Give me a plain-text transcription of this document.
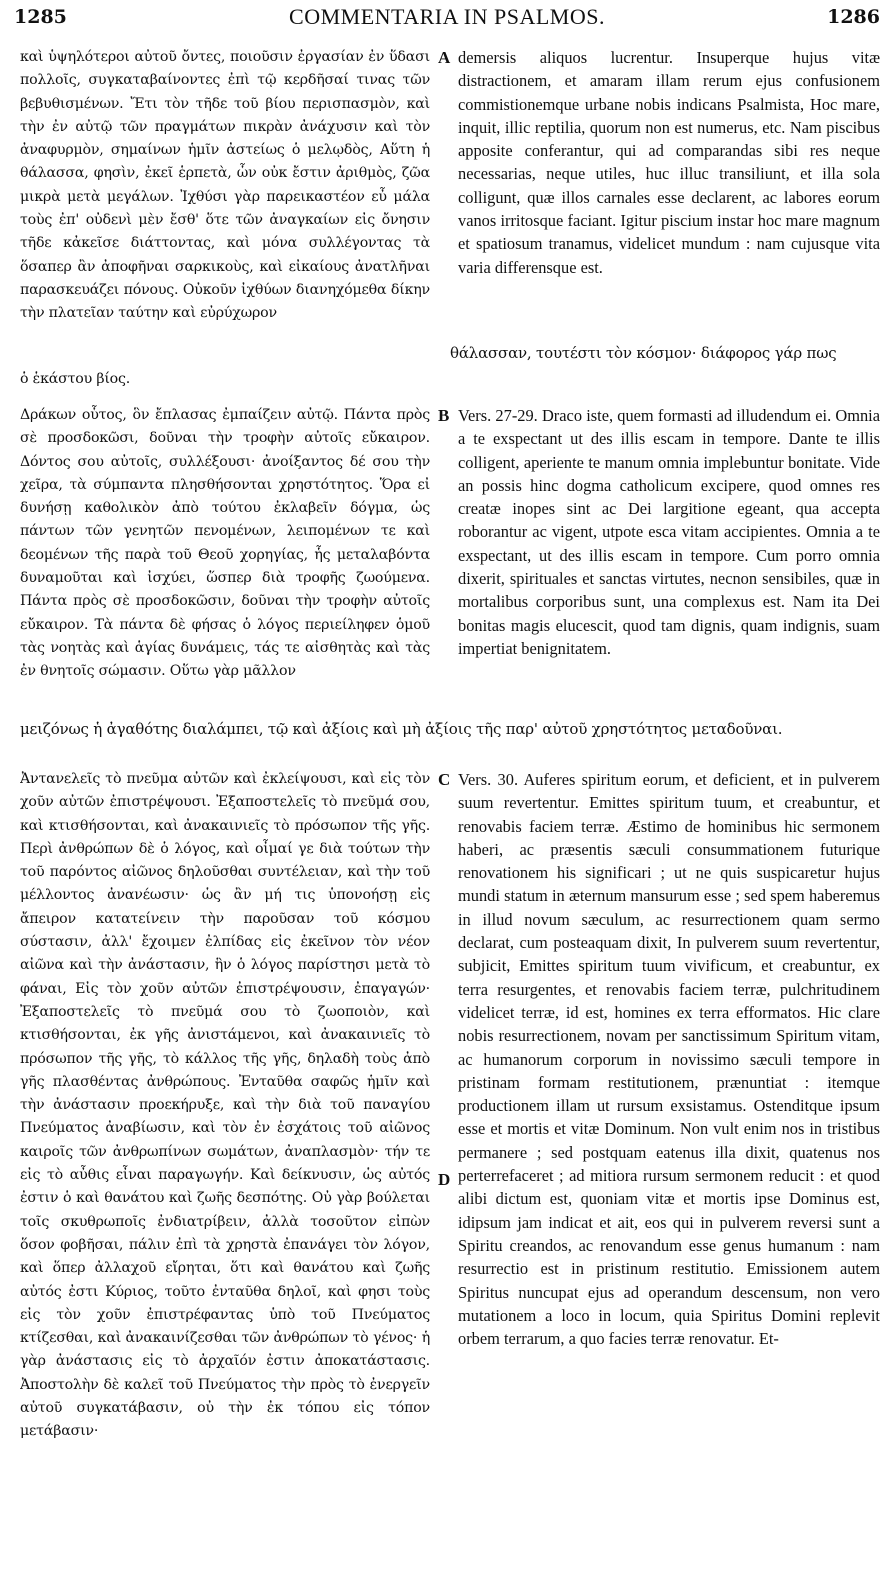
1285	COMMENTARIA IN PSALMOS.	1286

καὶ ὑψηλότεροι αὐτοῦ ὄντες, ποιοῦσιν ἐργασίαν ἐν ὕδασι πολλοῖς, συγκαταβαίνοντες ἐπὶ τῷ κερδῆσαί τινας τῶν βεβυθισμένων. Ἔτι τὸν τῆδε τοῦ βίου περισπασμὸν, καὶ τὴν ἐν αὐτῷ τῶν πραγμάτων πικρὰν ἀνάχυσιν καὶ τὸν ἀναφυρμὸν, σημαίνων ἡμῖν ἀστείως ὁ μελῳδὸς, Αὕτη ἡ θάλασσα, φησὶν, ἐκεῖ ἑρπετὰ, ὧν οὐκ ἔστιν ἀριθμὸς, ζῶα μικρὰ μετὰ μεγάλων. Ἰχθύσι γὰρ παρεικαστέον εὖ μάλα τοὺς ἐπ' οὐδενὶ μὲν ἔσθ' ὅτε τῶν ἀναγκαίων εἰς ὄνησιν τῆδε κἀκεῖσε διάττοντας, καὶ μόνα συλλέγοντας τὰ ὅσαπερ ἂν ἀποφῆναι σαρκικοὺς, καὶ εἰκαίους ἀνατλῆναι παρασκευάζει πόνους. Οὐκοῦν ἰχθύων διανηχόμεθα δίκην τὴν πλατεῖαν ταύτην καὶ εὐρύχωρον

A demersis aliquos lucrentur. Insuperque hujus vitæ distractionem, et amaram illam rerum ejus confusionem commistionemque urbane nobis indicans Psalmista, Hoc mare, inquit, illic reptilia, quorum non est numerus, etc. Nam piscibus apposite conferantur, qui ad comparandas sibi res neque necessarias, neque utiles, huc illuc transiliunt, et illa sola colligunt, quæ illos carnales esse declarent, ac labores eorum vanos irritosque faciant. Igitur piscium instar hoc mare magnum et spatiosum tranamus, videlicet mundum : nam cujusque vita varia differensque est.

θάλασσαν, τουτέστι τὸν κόσμον· διάφορος γάρ πως
ὁ ἑκάστου βίος.

Δράκων οὗτος, ὃν ἔπλασας ἐμπαίζειν αὐτῷ. Πάντα πρὸς σὲ προσδοκῶσι, δοῦναι τὴν τροφὴν αὐτοῖς εὔκαιρον. Δόντος σου αὐτοῖς, συλλέξουσι· ἀνοίξαντος δέ σου τὴν χεῖρα, τὰ σύμπαντα πλησθήσονται χρηστότητος. Ὅρα εἰ δυνήσῃ καθολικὸν ἀπὸ τούτου ἐκλαβεῖν δόγμα, ὡς πάντων τῶν γενητῶν πενομένων, λειπομένων τε καὶ δεομένων τῆς παρὰ τοῦ Θεοῦ χορηγίας, ἧς μεταλαβόντα δυναμοῦται καὶ ἰσχύει, ὥσπερ διὰ τροφῆς ζωούμενα. Πάντα πρὸς σὲ προσδοκῶσιν, δοῦναι τὴν τροφὴν αὐτοῖς εὔκαιρον. Τὰ πάντα δὲ φήσας ὁ λόγος περιείληφεν ὁμοῦ τὰς νοητὰς καὶ ἁγίας δυνάμεις, τάς τε αἰσθητὰς καὶ τὰς ἐν θνητοῖς σώμασιν. Οὕτω γὰρ μᾶλλον

B Vers. 27-29. Draco iste, quem formasti ad illudendum ei. Omnia a te exspectant ut des illis escam in tempore. Dante te illis colligent, aperiente te manum omnia implebuntur bonitate. Vide an possis hinc dogma catholicum excipere, quod omnes res creatæ inopes sint ac Dei largitione egeant, qua accepta roborantur ac vigent, utpote esca vitam accipientes. Omnia a te exspectant, ut des illis escam in tempore. Cum porro omnia dixerit, spirituales et sanctas virtutes, necnon sensibiles, quæ in mortalibus corporibus sunt, una complexus est. Nam ita Dei bonitas magis elucescit, quod tam dignis, quam indignis, suam impertiat benignitatem.

μειζόνως ἡ ἀγαθότης διαλάμπει, τῷ καὶ ἀξίοις καὶ μὴ ἀξίοις τῆς παρ' αὐτοῦ χρηστότητος μεταδοῦναι.

Ἀντανελεῖς τὸ πνεῦμα αὐτῶν καὶ ἐκλείψουσι, καὶ εἰς τὸν χοῦν αὐτῶν ἐπιστρέψουσι. Ἐξαποστελεῖς τὸ πνεῦμά σου, καὶ κτισθήσονται, καὶ ἀνακαινιεῖς τὸ πρόσωπον τῆς γῆς. Περὶ ἀνθρώπων δὲ ὁ λόγος, καὶ οἶμαί γε διὰ τούτων τὴν τοῦ παρόντος αἰῶνος δηλοῦσθαι συντέλειαν, καὶ τὴν τοῦ μέλλοντος ἀνανέωσιν· ὡς ἂν μή τις ὑπονοήσῃ εἰς ἄπειρον κατατείνειν τὴν παροῦσαν τοῦ κόσμου σύστασιν, ἀλλ' ἔχοιμεν ἐλπίδας εἰς ἐκεῖνον τὸν νέον αἰῶνα καὶ τὴν ἀνάστασιν, ἣν ὁ λόγος παρίστησι μετὰ τὸ φάναι, Εἰς τὸν χοῦν αὐτῶν ἐπιστρέψουσιν, ἐπαγαγών· Ἐξαποστελεῖς τὸ πνεῦμά σου τὸ ζωοποιὸν, καὶ κτισθήσονται, ἐκ γῆς ἀνιστάμενοι, καὶ ἀνακαινιεῖς τὸ πρόσωπον τῆς γῆς, τὸ κάλλος τῆς γῆς, δηλαδὴ τοὺς ἀπὸ γῆς πλασθέντας ἀνθρώπους. Ἐνταῦθα σαφῶς ἡμῖν καὶ τὴν ἀνάστασιν προεκήρυξε, καὶ τὴν διὰ τοῦ παναγίου Πνεύματος ἀναβίωσιν, καὶ τὸν ἐν ἐσχάτοις τοῦ αἰῶνος καιροῖς τῶν ἀνθρωπίνων σωμάτων, ἀναπλασμὸν· τήν τε εἰς τὸ αὖθις εἶναι παραγωγήν. Καὶ δείκνυσιν, ὡς αὐτός ἐστιν ὁ καὶ θανάτου καὶ ζωῆς δεσπότης. Οὐ γὰρ βούλεται τοῖς σκυθρωποῖς ἐνδιατρίβειν, ἀλλὰ τοσοῦτον εἰπὼν ὅσον φοβῆσαι, πάλιν ἐπὶ τὰ χρηστὰ ἐπανάγει τὸν λόγον, καὶ ὅπερ ἀλλαχοῦ εἴρηται, ὅτι καὶ θανάτου καὶ ζωῆς αὐτός ἐστι Κύριος, τοῦτο ἐνταῦθα δηλοῖ, καὶ φησι τοὺς εἰς τὸν χοῦν ἐπιστρέφαντας ὑπὸ τοῦ Πνεύματος κτίζεσθαι, καὶ ἀνακαινίζεσθαι τῶν ἀνθρώπων τὸ γένος· ἡ γὰρ ἀνάστασις εἰς τὸ ἀρχαῖόν ἐστιν ἀποκατάστασις. Ἀποστολὴν δὲ καλεῖ τοῦ Πνεύματος τὴν πρὸς τὸ ἐνεργεῖν αὐτοῦ συγκατάβασιν, οὐ τὴν ἐκ τόπου εἰς τόπον μετάβασιν·

C
D

Vers. 30. Auferes spiritum eorum, et deficient, et in pulverem suum revertentur. Emittes spiritum tuum, et creabuntur, et renovabis faciem terræ. Æstimo de hominibus hic sermonem haberi, ac præsentis sæculi consummationem futurique renovationem his significari ; ut ne quis suspicaretur hujus mundi statum in æternum mansurum esse ; sed spem haberemus in illud novum sæculum, ac resurrectionem quam sermo declarat, cum posteaquam dixit, In pulverem suum revertentur, subjicit, Emittes spiritum tuum vivificum, et creabuntur, ex terra resurgentes, et renovabis faciem terræ, pulchritudinem videlicet terræ, id est, homines ex terra efformatos. Hic clare nobis resurrectionem, novam per sanctissimum Spiritum vitam, ac humanorum corporum in novissimo sæculi tempore in pristinam formam restitutionem, prænuntiat : itemque productionem illam ut rursum exsistamus. Ostenditque ipsum esse et mortis et vitæ Dominum. Non vult enim nos in tristibus permanere ; sed postquam eatenus illa dixit, quatenus nos perterrefaceret ; ad mitiora rursum sermonem reducit : et quod alibi dictum est, quoniam vitæ et mortis ipse Dominus est, idipsum jam indicat et ait, eos qui in pulverem reversi sunt a Spiritu creandos, ac renovandum esse genus humanum : nam resurrectio est in pristinum restitutio. Emissionem autem Spiritus nuncupat ejus ad operandum descensum, non vero mutationem a loco in locum, quia Spiritus Domini replevit orbem terrarum, a quo facies terræ renovatur. Et-
